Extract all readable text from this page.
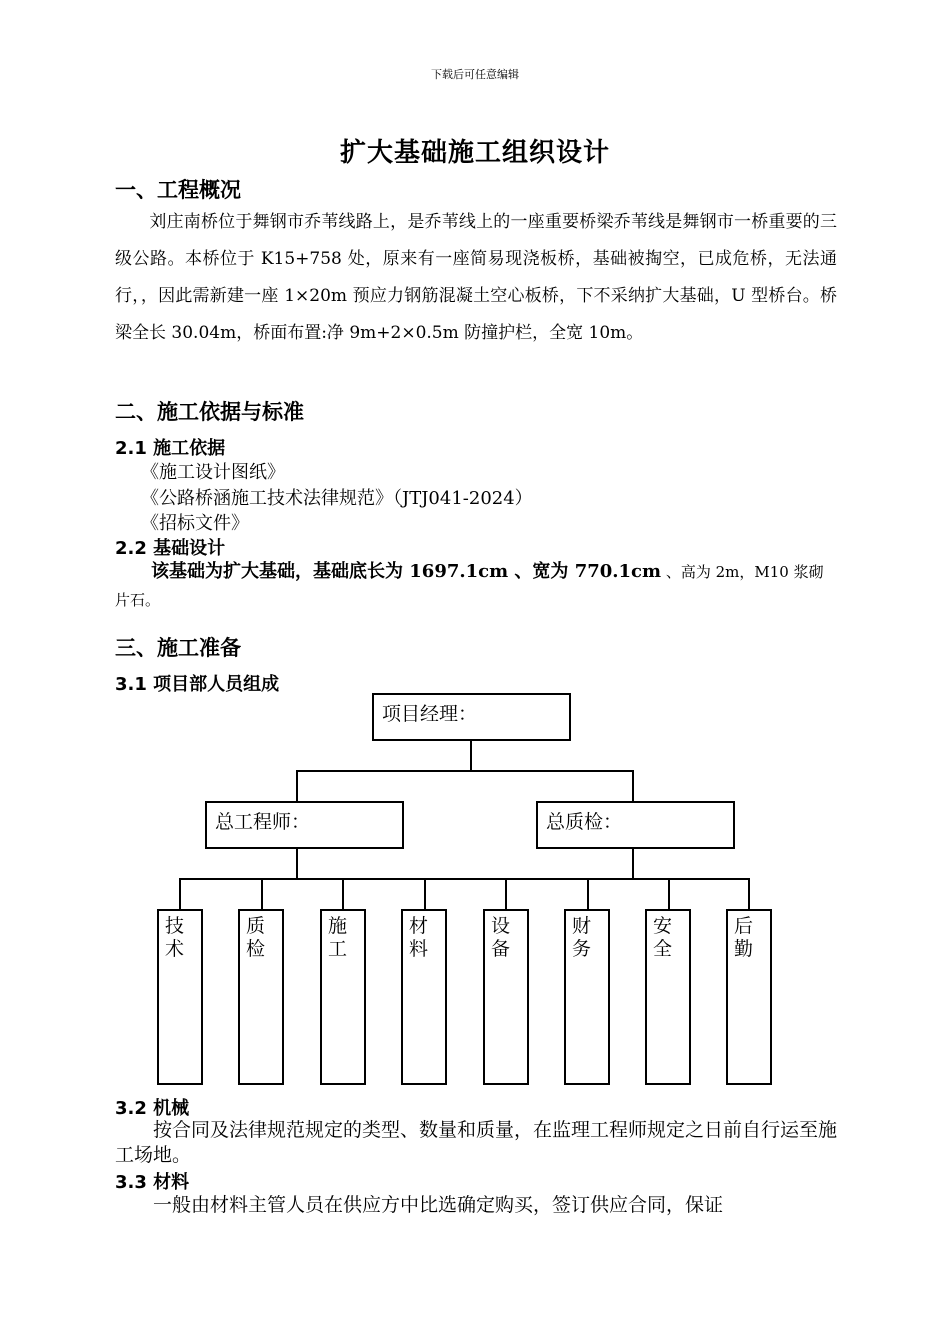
下载后可任意编辑
扩大基础施工组织设计
一、工程概况
　　刘庄南桥位于舞钢市乔苇线路上，是乔苇线上的一座重要桥梁乔苇线是舞钢市一桥重要的三级公路。本桥位于 K15+758 处，原来有一座简易现浇板桥，基础被掏空，已成危桥，无法通行，，因此需新建一座 1×20m 预应力钢筋混凝土空心板桥，下不采纳扩大基础，U 型桥台。桥梁全长 30.04m，桥面布置:净 9m+2×0.5m 防撞护栏，全宽 10m。
二、施工依据与标准
2.1 施工依据
《施工设计图纸》
《公路桥涵施工技术法律规范》（JTJ041-2024）
《招标文件》
2.2 基础设计
　　该基础为扩大基础，基础底长为 1697.1cm 、宽为 770.1cm 、高为 2m，M10 浆砌片石。
三、施工准备
3.1 项目部人员组成
项目经理：
总工程师：	总质检：
技
术
质
检
施
工
材
料
设
备
财
务
安
全
后
勤
3.2 机械
　　按合同及法律规范规定的类型、数量和质量，在监理工程师规定之日前自行运至施工场地。
3.3 材料
　　一般由材料主管人员在供应方中比选确定购买，签订供应合同，保证
